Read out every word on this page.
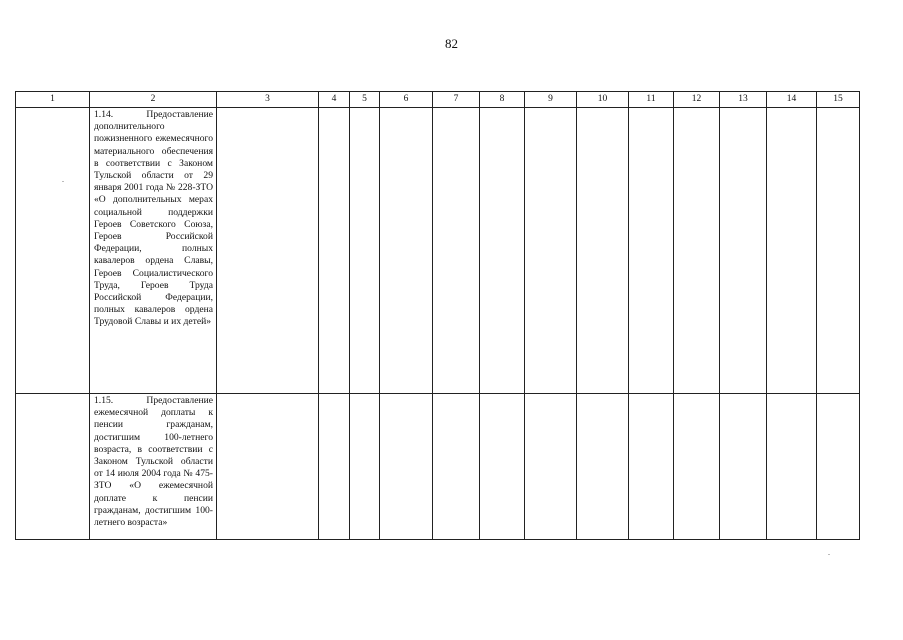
82
1	2	3	4	5	6	7	8	9	10	11	12	13	14	15

	1.14. Предоставление дополнительного пожизненного ежемесячного материального обеспечения в соответствии с Законом Тульской области от 29 января 2001 года № 228-ЗТО «О дополнительных мерах социальной поддержки Героев Советского Союза, Героев Российской Федерации, полных кавалеров ордена Славы, Героев Социалистического Труда, Героев Труда Российской Федерации, полных кавалеров ордена Трудовой Славы и их детей»													

	1.15. Предоставление ежемесячной доплаты к пенсии гражданам, достигшим 100-летнего возраста, в соответствии с Законом Тульской области от 14 июля 2004 года № 475-ЗТО «О ежемесячной доплате к пенсии гражданам, достигшим 100-летнего возраста»													
